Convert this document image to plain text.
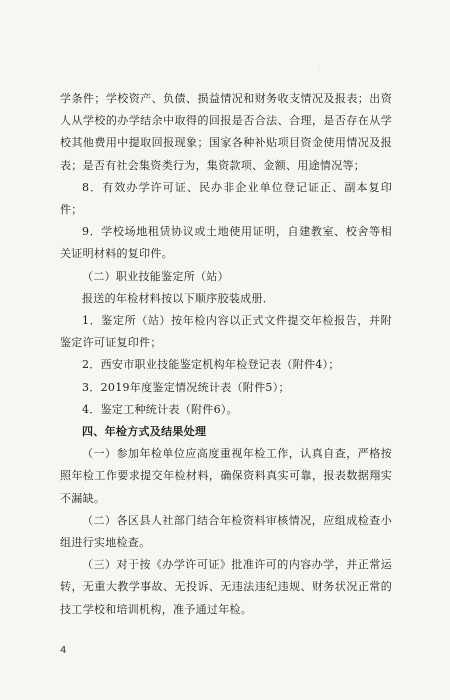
·

学条件；学校资产、负债、损益情况和财务收支情况及报表；出资人从学校的办学结余中取得的回报是否合法、合理，是否存在从学校其他费用中提取回报现象；国家各种补贴项目资金使用情况及报表；是否有社会集资类行为，集资款项、金额、用途情况等；

8．有效办学许可证、民办非企业单位登记证正、副本复印件；

9．学校场地租赁协议或土地使用证明，自建教室、校舍等相关证明材料的复印件。

（二）职业技能鉴定所（站）

报送的年检材料按以下顺序胶装成册．

1．鉴定所（站）按年检内容以正式文件提交年检报告，并附鉴定许可证复印件；

2．西安市职业技能鉴定机构年检登记表（附件4）；

3．2019年度鉴定情况统计表（附件5）；

4．鉴定工种统计表（附件6）。

四、年检方式及结果处理

（一）参加年检单位应高度重视年检工作，认真自查，严格按照年检工作要求提交年检材料，确保资料真实可靠，报表数据翔实不漏缺。

（二）各区县人社部门结合年检资料审核情况，应组成检查小组进行实地检查。

（三）对于按《办学许可证》批准许可的内容办学，并正常运转，无重大教学事故、无投诉、无违法违纪违规、财务状况正常的技工学校和培训机构，准予通过年检。

4
